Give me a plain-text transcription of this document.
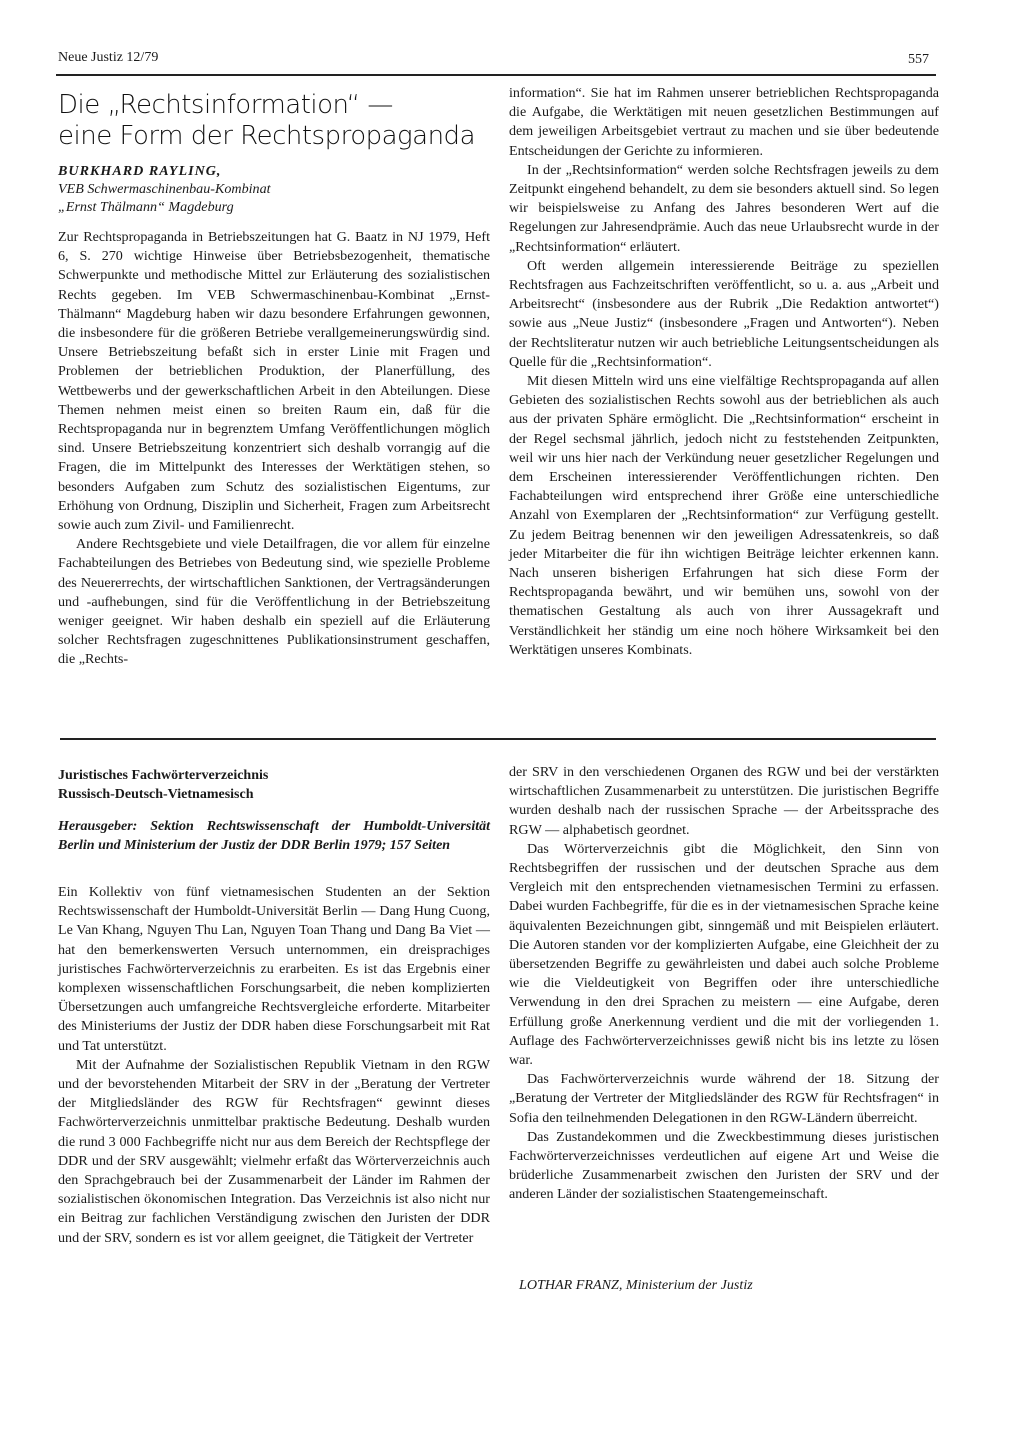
Neue Justiz 12/79	557
Die „Rechtsinformation“ —
eine Form der Rechtspropaganda
BURKHARD RAYLING,
VEB Schwermaschinenbau-Kombinat
„Ernst Thälmann“ Magdeburg

Zur Rechtspropaganda in Betriebszeitungen hat G. Baatz in NJ 1979, Heft 6, S. 270 wichtige Hinweise über Betriebsbezogenheit, thematische Schwerpunkte und methodische Mittel zur Erläuterung des sozialistischen Rechts gegeben. Im VEB Schwermaschinenbau-Kombinat „Ernst-Thälmann“ Magdeburg haben wir dazu besondere Erfahrungen gewonnen, die insbesondere für die größeren Betriebe verallgemeinerungswürdig sind. Unsere Betriebszeitung befaßt sich in erster Linie mit Fragen und Problemen der betrieblichen Produktion, der Planerfüllung, des Wettbewerbs und der gewerkschaftlichen Arbeit in den Abteilungen. Diese Themen nehmen meist einen so breiten Raum ein, daß für die Rechtspropaganda nur in begrenztem Umfang Veröffentlichungen möglich sind. Unsere Betriebszeitung konzentriert sich deshalb vorrangig auf die Fragen, die im Mittelpunkt des Interesses der Werktätigen stehen, so besonders Aufgaben zum Schutz des sozialistischen Eigentums, zur Erhöhung von Ordnung, Disziplin und Sicherheit, Fragen zum Arbeitsrecht sowie auch zum Zivil- und Familienrecht.

Andere Rechtsgebiete und viele Detailfragen, die vor allem für einzelne Fachabteilungen des Betriebes von Bedeutung sind, wie spezielle Probleme des Neuererrechts, der wirtschaftlichen Sanktionen, der Vertragsänderungen und -aufhebungen, sind für die Veröffentlichung in der Betriebszeitung weniger geeignet. Wir haben deshalb ein speziell auf die Erläuterung solcher Rechtsfragen zugeschnittenes Publikationsinstrument geschaffen, die „Rechts-

information“. Sie hat im Rahmen unserer betrieblichen Rechtspropaganda die Aufgabe, die Werktätigen mit neuen gesetzlichen Bestimmungen auf dem jeweiligen Arbeitsgebiet vertraut zu machen und sie über bedeutende Entscheidungen der Gerichte zu informieren.

In der „Rechtsinformation“ werden solche Rechtsfragen jeweils zu dem Zeitpunkt eingehend behandelt, zu dem sie besonders aktuell sind. So legen wir beispielsweise zu Anfang des Jahres besonderen Wert auf die Regelungen zur Jahresendprämie. Auch das neue Urlaubsrecht wurde in der „Rechtsinformation“ erläutert.

Oft werden allgemein interessierende Beiträge zu speziellen Rechtsfragen aus Fachzeitschriften veröffentlicht, so u. a. aus „Arbeit und Arbeitsrecht“ (insbesondere aus der Rubrik „Die Redaktion antwortet“) sowie aus „Neue Justiz“ (insbesondere „Fragen und Antworten“). Neben der Rechtsliteratur nutzen wir auch betriebliche Leitungsentscheidungen als Quelle für die „Rechtsinformation“.

Mit diesen Mitteln wird uns eine vielfältige Rechtspropaganda auf allen Gebieten des sozialistischen Rechts sowohl aus der betrieblichen als auch aus der privaten Sphäre ermöglicht. Die „Rechtsinformation“ erscheint in der Regel sechsmal jährlich, jedoch nicht zu feststehenden Zeitpunkten, weil wir uns hier nach der Verkündung neuer gesetzlicher Regelungen und dem Erscheinen interessierender Veröffentlichungen richten. Den Fachabteilungen wird entsprechend ihrer Größe eine unterschiedliche Anzahl von Exemplaren der „Rechtsinformation“ zur Verfügung gestellt. Zu jedem Beitrag benennen wir den jeweiligen Adressatenkreis, so daß jeder Mitarbeiter die für ihn wichtigen Beiträge leichter erkennen kann. Nach unseren bisherigen Erfahrungen hat sich diese Form der Rechtspropaganda bewährt, und wir bemühen uns, sowohl von der thematischen Gestaltung als auch von ihrer Aussagekraft und Verständlichkeit her ständig um eine noch höhere Wirksamkeit bei den Werktätigen unseres Kombinats.

Juristisches Fachwörterverzeichnis
Russisch-Deutsch-Vietnamesisch
Herausgeber: Sektion Rechtswissenschaft der Humboldt-Universität Berlin und Ministerium der Justiz der DDR Berlin 1979; 157 Seiten

Ein Kollektiv von fünf vietnamesischen Studenten an der Sektion Rechtswissenschaft der Humboldt-Universität Berlin — Dang Hung Cuong, Le Van Khang, Nguyen Thu Lan, Nguyen Toan Thang und Dang Ba Viet — hat den bemerkenswerten Versuch unternommen, ein dreisprachiges juristisches Fachwörterverzeichnis zu erarbeiten. Es ist das Ergebnis einer komplexen wissenschaftlichen Forschungsarbeit, die neben komplizierten Übersetzungen auch umfangreiche Rechtsvergleiche erforderte. Mitarbeiter des Ministeriums der Justiz der DDR haben diese Forschungsarbeit mit Rat und Tat unterstützt.

Mit der Aufnahme der Sozialistischen Republik Vietnam in den RGW und der bevorstehenden Mitarbeit der SRV in der „Beratung der Vertreter der Mitgliedsländer des RGW für Rechtsfragen“ gewinnt dieses Fachwörterverzeichnis unmittelbar praktische Bedeutung. Deshalb wurden die rund 3 000 Fachbegriffe nicht nur aus dem Bereich der Rechtspflege der DDR und der SRV ausgewählt; vielmehr erfaßt das Wörterverzeichnis auch den Sprachgebrauch bei der Zusammenarbeit der Länder im Rahmen der sozialistischen ökonomischen Integration. Das Verzeichnis ist also nicht nur ein Beitrag zur fachlichen Verständigung zwischen den Juristen der DDR und der SRV, sondern es ist vor allem geeignet, die Tätigkeit der Vertreter

der SRV in den verschiedenen Organen des RGW und bei der verstärkten wirtschaftlichen Zusammenarbeit zu unterstützen. Die juristischen Begriffe wurden deshalb nach der russischen Sprache — der Arbeitssprache des RGW — alphabetisch geordnet.

Das Wörterverzeichnis gibt die Möglichkeit, den Sinn von Rechtsbegriffen der russischen und der deutschen Sprache aus dem Vergleich mit den entsprechenden vietnamesischen Termini zu erfassen. Dabei wurden Fachbegriffe, für die es in der vietnamesischen Sprache keine äquivalenten Bezeichnungen gibt, sinngemäß und mit Beispielen erläutert. Die Autoren standen vor der komplizierten Aufgabe, eine Gleichheit der zu übersetzenden Begriffe zu gewährleisten und dabei auch solche Probleme wie die Vieldeutigkeit von Begriffen oder ihre unterschiedliche Verwendung in den drei Sprachen zu meistern — eine Aufgabe, deren Erfüllung große Anerkennung verdient und die mit der vorliegenden 1. Auflage des Fachwörterverzeichnisses gewiß nicht bis ins letzte zu lösen war.

Das Fachwörterverzeichnis wurde während der 18. Sitzung der „Beratung der Vertreter der Mitgliedsländer des RGW für Rechtsfragen“ in Sofia den teilnehmenden Delegationen in den RGW-Ländern überreicht.

Das Zustandekommen und die Zweckbestimmung dieses juristischen Fachwörterverzeichnisses verdeutlichen auf eigene Art und Weise die brüderliche Zusammenarbeit zwischen den Juristen der SRV und der anderen Länder der sozialistischen Staatengemeinschaft.

LOTHAR FRANZ, Ministerium der Justiz
